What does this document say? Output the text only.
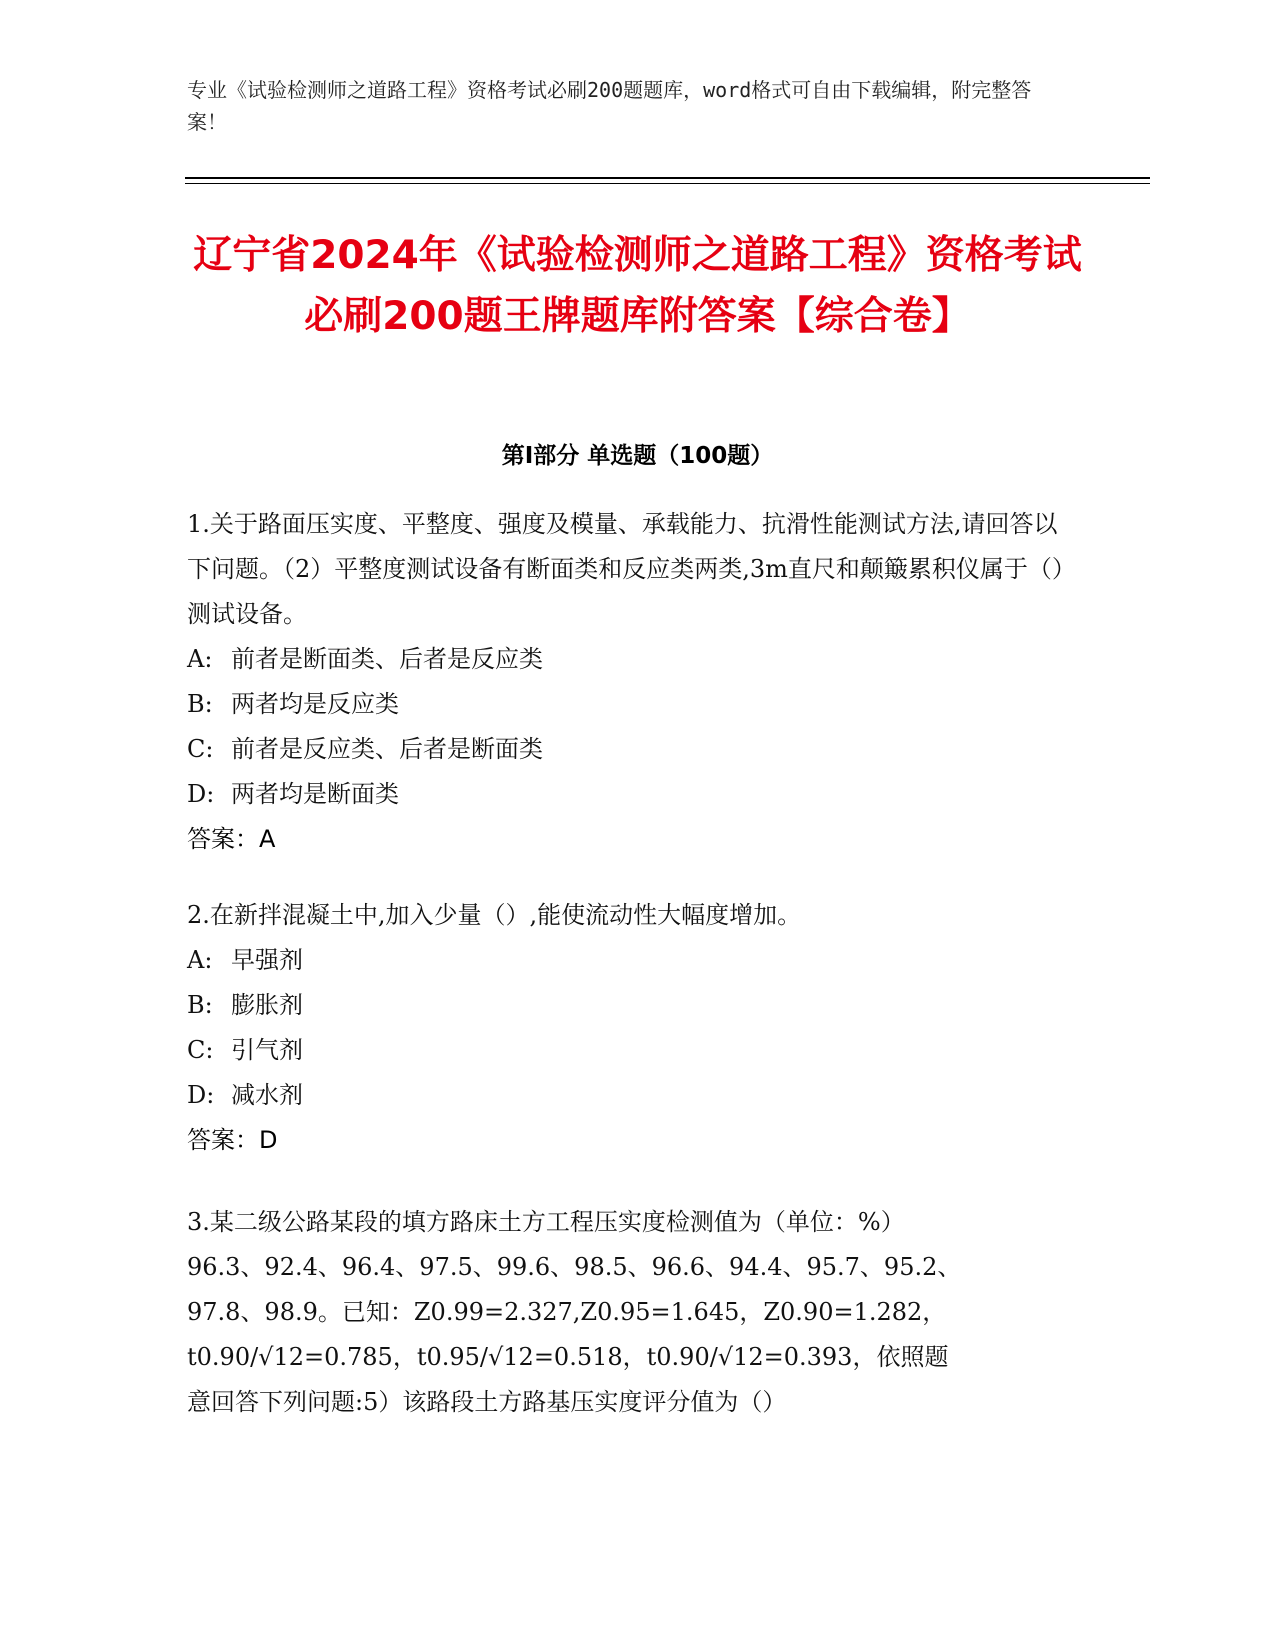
专业《试验检测师之道路工程》资格考试必刷200题题库，word格式可自由下载编辑，附完整答案！
辽宁省2024年《试验检测师之道路工程》资格考试必刷200题王牌题库附答案【综合卷】
第I部分 单选题（100题）

1.关于路面压实度、平整度、强度及模量、承载能力、抗滑性能测试方法,请回答以下问题。（2）平整度测试设备有断面类和反应类两类,3m直尺和颠簸累积仪属于（）测试设备。

A: 前者是断面类、后者是反应类

B: 两者均是反应类

C: 前者是反应类、后者是断面类

D: 两者均是断面类

答案：A

2.在新拌混凝土中,加入少量（）,能使流动性大幅度增加。

A: 早强剂

B: 膨胀剂

C: 引气剂

D: 减水剂

答案：D

3.某二级公路某段的填方路床土方工程压实度检测值为（单位：%）

96.3、92.4、96.4、97.5、99.6、98.5、96.6、94.4、95.7、95.2、

97.8、98.9。已知：Z0.99=2.327,Z0.95=1.645，Z0.90=1.282，

t0.90/√12=0.785，t0.95/√12=0.518，t0.90/√12=0.393，依照题

意回答下列问题:5）该路段土方路基压实度评分值为（）
